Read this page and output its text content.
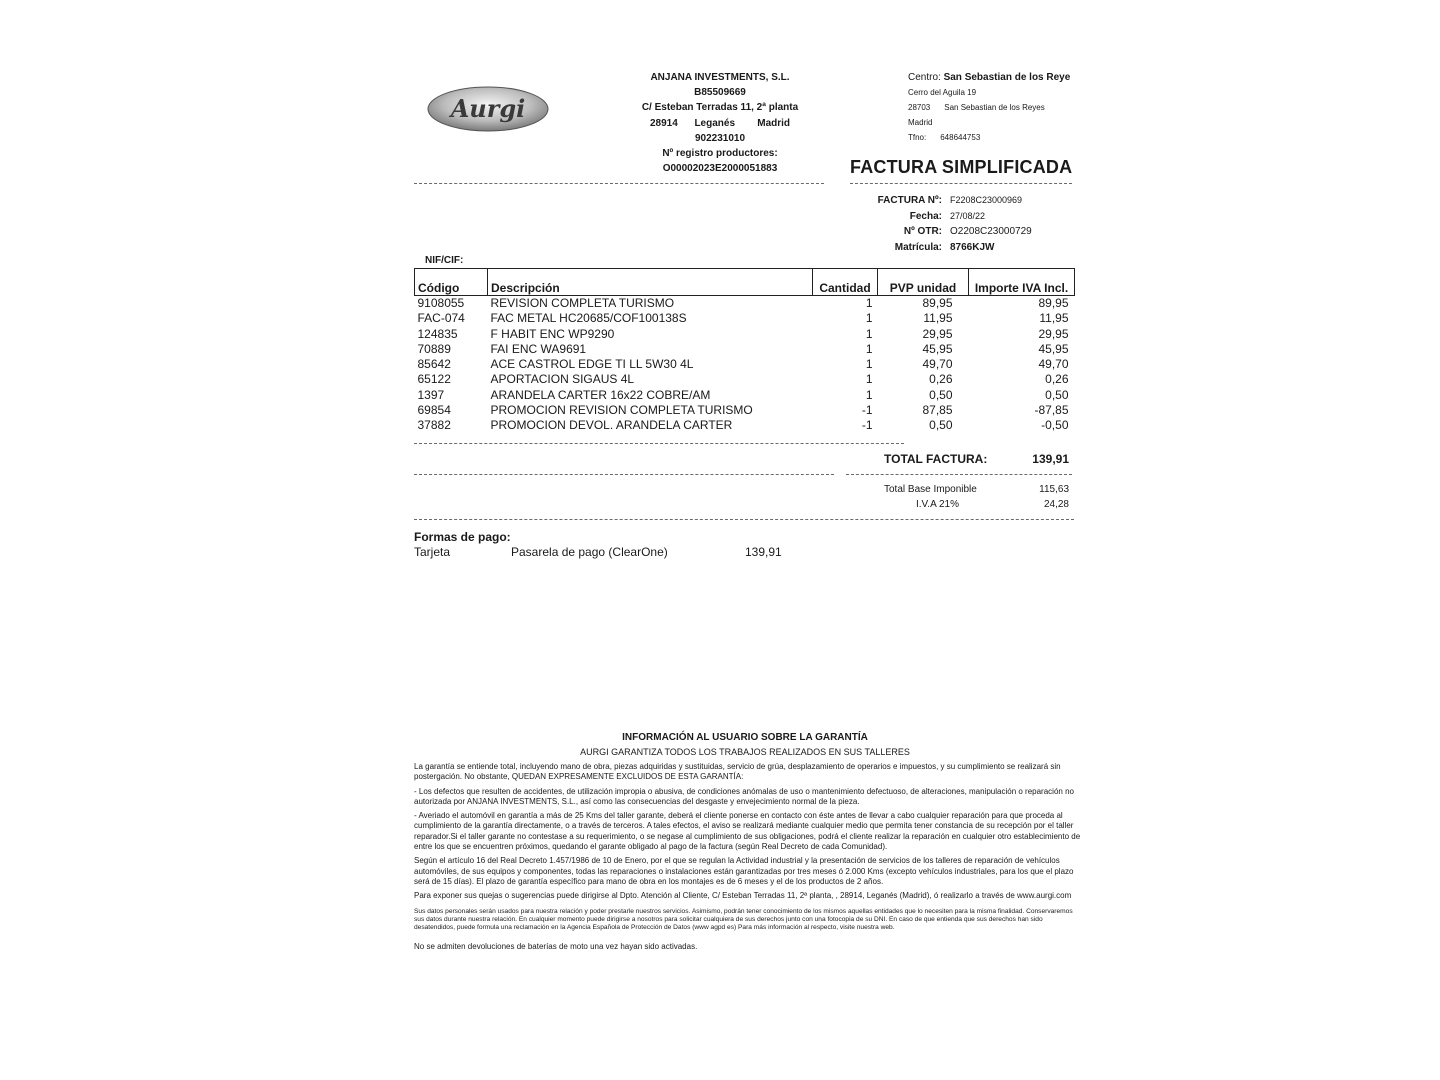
Aurgi
ANJANA INVESTMENTS, S.L.
B85509669
C/ Esteban Terradas 11, 2ª planta
28914 Leganés Madrid
902231010
Nº registro productores:
O00002023E2000051883
Centro: San Sebastian de los Reye
Cerro del Aguila 19
28703 San Sebastian de los Reyes
Madrid
Tfno: 648644753
FACTURA SIMPLIFICADA
FACTURA Nº: F2208C23000969
Fecha: 27/08/22
Nº OTR: O2208C23000729
Matrícula: 8766KJW
NIF/CIF:
Código	Descripción	Cantidad	PVP unidad	Importe IVA Incl.
9108055	REVISION COMPLETA TURISMO	1	89,95	89,95
FAC-074	FAC METAL HC20685/COF100138S	1	11,95	11,95
124835	F HABIT ENC WP9290	1	29,95	29,95
70889	FAI ENC WA9691	1	45,95	45,95
85642	ACE CASTROL EDGE TI LL 5W30 4L	1	49,70	49,70
65122	APORTACION SIGAUS 4L	1	0,26	0,26
1397	ARANDELA CARTER 16x22 COBRE/AM	1	0,50	0,50
69854	PROMOCION REVISION COMPLETA TURISMO	-1	87,85	-87,85
37882	PROMOCION DEVOL. ARANDELA CARTER	-1	0,50	-0,50
TOTAL FACTURA:	139,91
Total Base Imponible	115,63
I.V.A 21%	24,28
Formas de pago:
Tarjeta	Pasarela de pago (ClearOne)	139,91
INFORMACIÓN AL USUARIO SOBRE LA GARANTÍA
AURGI GARANTIZA TODOS LOS TRABAJOS REALIZADOS EN SUS TALLERES

La garantía se entiende total, incluyendo mano de obra, piezas adquiridas y sustituidas, servicio de grúa, desplazamiento de operarios e impuestos, y su cumplimiento se realizará sin postergación. No obstante, QUEDAN EXPRESAMENTE EXCLUIDOS DE ESTA GARANTÍA:

- Los defectos que resulten de accidentes, de utilización impropia o abusiva, de condiciones anómalas de uso o mantenimiento defectuoso, de alteraciones, manipulación o reparación no autorizada por ANJANA INVESTMENTS, S.L., así como las consecuencias del desgaste y envejecimiento normal de la pieza.

- Averiado el automóvil en garantía a más de 25 Kms del taller garante, deberá el cliente ponerse en contacto con éste antes de llevar a cabo cualquier reparación para que proceda al cumplimiento de la garantía directamente, o a través de terceros. A tales efectos, el aviso se realizará mediante cualquier medio que permita tener constancia de su recepción por el taller reparador.Si el taller garante no contestase a su requerimiento, o se negase al cumplimiento de sus obligaciones, podrá el cliente realizar la reparación en cualquier otro establecimiento de entre los que se encuentren próximos, quedando el garante obligado al pago de la factura (según Real Decreto de cada Comunidad).

Según el artículo 16 del Real Decreto 1.457/1986 de 10 de Enero, por el que se regulan la Actividad industrial y la presentación de servicios de los talleres de reparación de vehículos automóviles, de sus equipos y componentes, todas las reparaciones o instalaciones están garantizadas por tres meses ó 2.000 Kms (excepto vehículos industriales, para los que el plazo será de 15 días). El plazo de garantía específico para mano de obra en los montajes es de 6 meses y el de los productos de 2 años.

Para exponer sus quejas o sugerencias puede dirigirse al Dpto. Atención al Cliente, C/ Esteban Terradas 11, 2ª planta, , 28914, Leganés (Madrid), ó realizarlo a través de www.aurgi.com

Sus datos personales serán usados para nuestra relación y poder prestarle nuestros servicios. Asimismo, podrán tener conocimiento de los mismos aquellas entidades que lo necesiten para la misma finalidad. Conservaremos sus datos durante nuestra relación. En cualquier momento puede dirigirse a nosotros para solicitar cualquiera de sus derechos junto con una fotocopia de su DNI. En caso de que entienda que sus derechos han sido desatendidos, puede formula una reclamación en la Agencia Española de Protección de Datos (www agpd es) Para más información al respecto, visite nuestra web.

No se admiten devoluciones de baterías de moto una vez hayan sido activadas.
